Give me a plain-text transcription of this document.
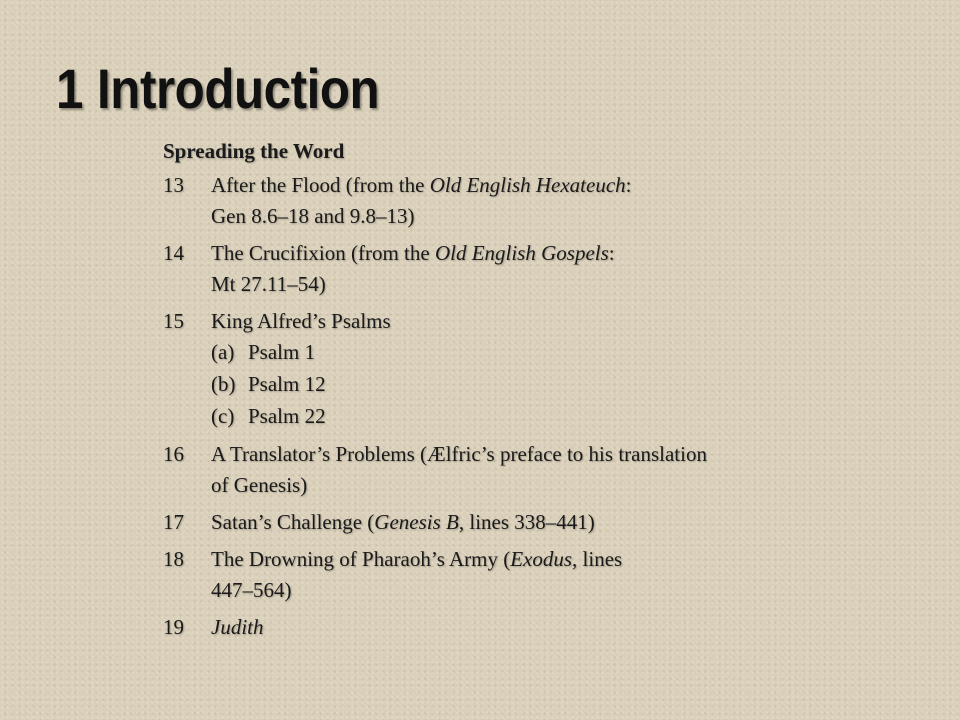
1 Introduction
Spreading the Word
13	After the Flood (from the Old English Hexateuch:
Gen 8.6–18 and 9.8–13)
14	The Crucifixion (from the Old English Gospels:
Mt 27.11–54)
15	King Alfred’s Psalms
(a) Psalm 1
(b) Psalm 12
(c) Psalm 22
16	A Translator’s Problems (Ælfric’s preface to his translation
of Genesis)
17	Satan’s Challenge (Genesis B, lines 338–441)
18	The Drowning of Pharaoh’s Army (Exodus, lines
447–564)
19	Judith
